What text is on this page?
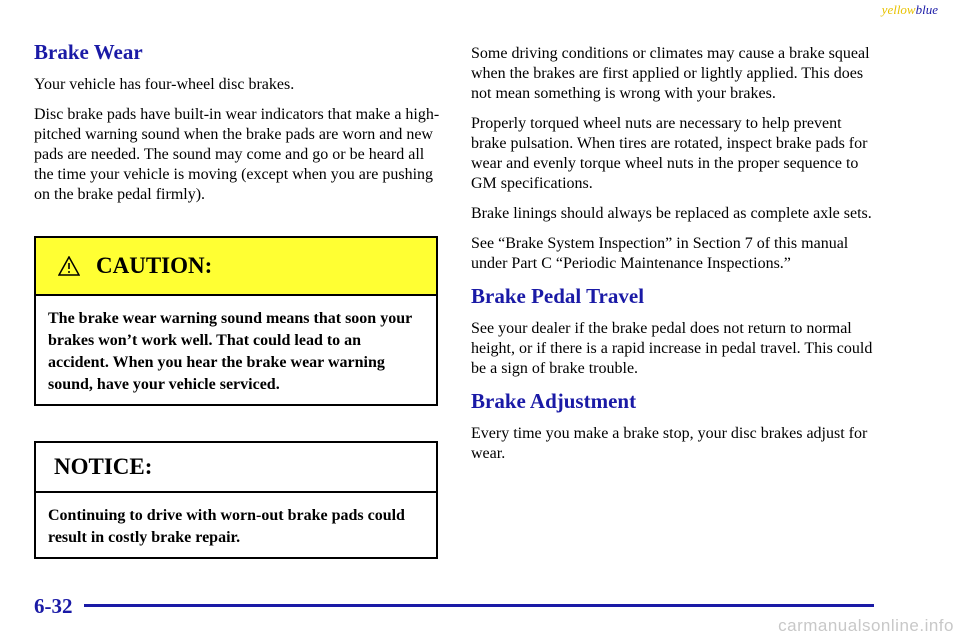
yellowblue
Brake Wear

Your vehicle has four-wheel disc brakes.

Disc brake pads have built-in wear indicators that make a high-pitched warning sound when the brake pads are worn and new pads are needed. The sound may come and go or be heard all the time your vehicle is moving (except when you are pushing on the brake pedal firmly).

CAUTION:
The brake wear warning sound means that soon your brakes won’t work well. That could lead to an accident. When you hear the brake wear warning sound, have your vehicle serviced.
NOTICE:
Continuing to drive with worn-out brake pads could result in costly brake repair.

Some driving conditions or climates may cause a brake squeal when the brakes are first applied or lightly applied. This does not mean something is wrong with your brakes.

Properly torqued wheel nuts are necessary to help prevent brake pulsation. When tires are rotated, inspect brake pads for wear and evenly torque wheel nuts in the proper sequence to GM specifications.

Brake linings should always be replaced as complete axle sets.

See “Brake System Inspection” in Section 7 of this manual under Part C “Periodic Maintenance Inspections.”

Brake Pedal Travel

See your dealer if the brake pedal does not return to normal height, or if there is a rapid increase in pedal travel. This could be a sign of brake trouble.

Brake Adjustment

Every time you make a brake stop, your disc brakes adjust for wear.

6-32
carmanualsonline.info
